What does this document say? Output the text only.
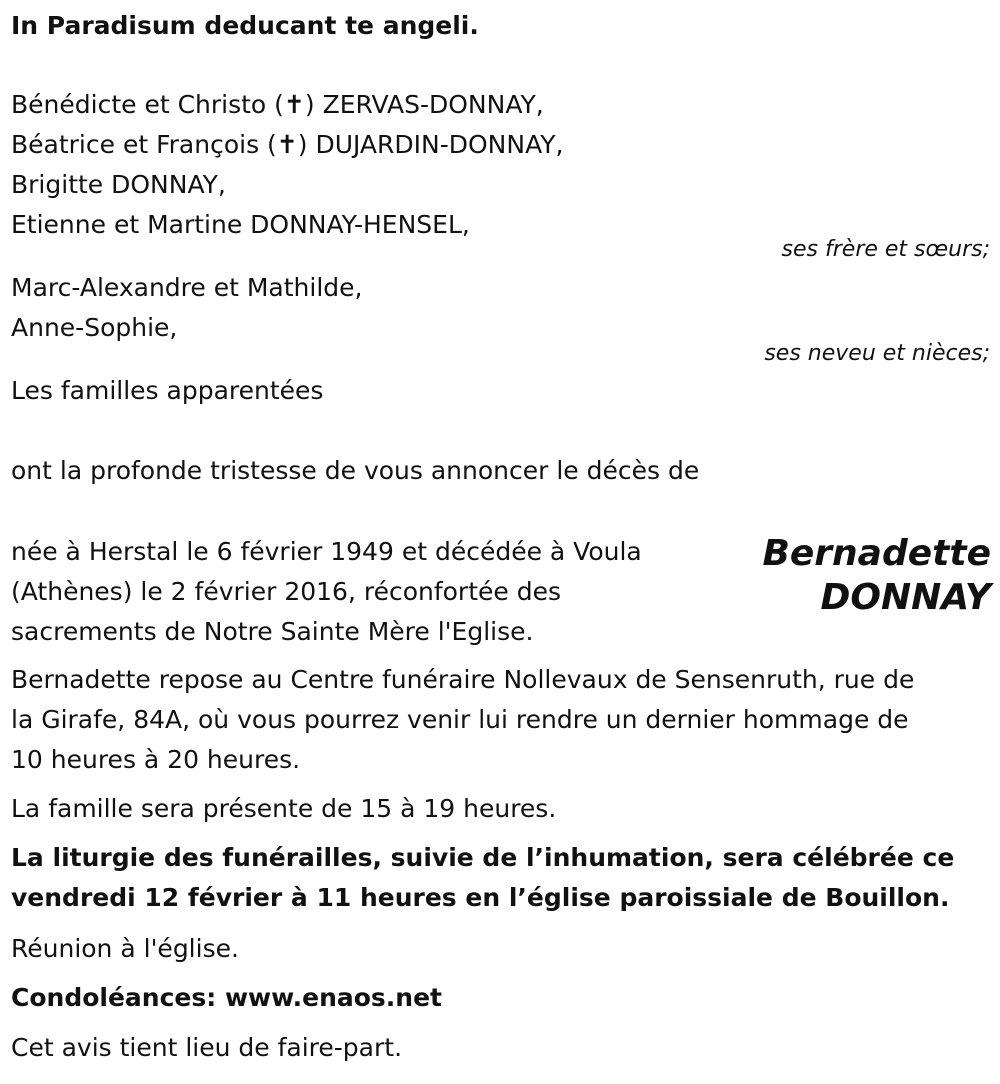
In Paradisum deducant te angeli.
Bénédicte et Christo (✝) ZERVAS-DONNAY,
Béatrice et François (✝) DUJARDIN-DONNAY,
Brigitte DONNAY,
Etienne et Martine DONNAY-HENSEL,
ses frère et sœurs;
Marc-Alexandre et Mathilde,
Anne-Sophie,
ses neveu et nièces;
Les familles apparentées
ont la profonde tristesse de vous annoncer le décès de
Bernadette
DONNAY
née à Herstal le 6 février 1949 et décédée à Voula
(Athènes) le 2 février 2016, réconfortée des
sacrements de Notre Sainte Mère l'Eglise.
Bernadette repose au Centre funéraire Nollevaux de Sensenruth, rue de
la Girafe, 84A, où vous pourrez venir lui rendre un dernier hommage de
10 heures à 20 heures.
La famille sera présente de 15 à 19 heures.
La liturgie des funérailles, suivie de l’inhumation, sera célébrée ce
vendredi 12 février à 11 heures en l’église paroissiale de Bouillon.
Réunion à l'église.
Condoléances: www.enaos.net
Cet avis tient lieu de faire-part.
